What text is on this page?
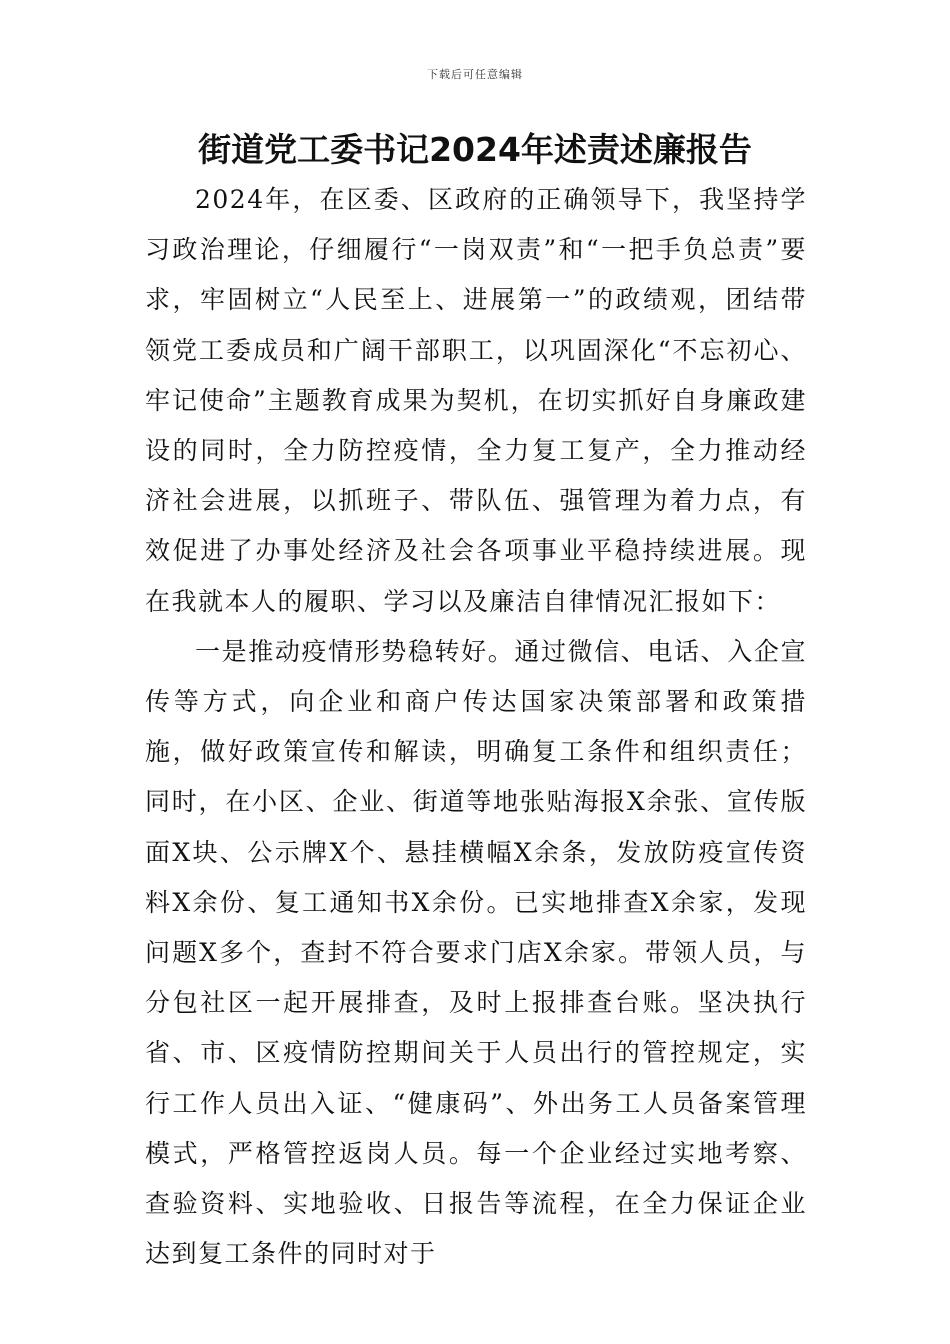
下载后可任意编辑
街道党工委书记2024年述责述廉报告

2024年，在区委、区政府的正确领导下，我坚持学习政治理论，仔细履行“一岗双责”和“一把手负总责”要求，牢固树立“人民至上、进展第一”的政绩观，团结带领党工委成员和广阔干部职工，以巩固深化“不忘初心、牢记使命”主题教育成果为契机，在切实抓好自身廉政建设的同时，全力防控疫情，全力复工复产，全力推动经济社会进展，以抓班子、带队伍、强管理为着力点，有效促进了办事处经济及社会各项事业平稳持续进展。现在我就本人的履职、学习以及廉洁自律情况汇报如下：

一是推动疫情形势稳转好。通过微信、电话、入企宣传等方式，向企业和商户传达国家决策部署和政策措施，做好政策宣传和解读，明确复工条件和组织责任；同时，在小区、企业、街道等地张贴海报X余张、宣传版面X块、公示牌X个、悬挂横幅X余条，发放防疫宣传资料X余份、复工通知书X余份。已实地排查X余家，发现问题X多个，查封不符合要求门店X余家。带领人员，与分包社区一起开展排查，及时上报排查台账。坚决执行省、市、区疫情防控期间关于人员出行的管控规定，实行工作人员出入证、“健康码”、外出务工人员备案管理模式，严格管控返岗人员。每一个企业经过实地考察、查验资料、实地验收、日报告等流程，在全力保证企业达到复工条件的同时对于
